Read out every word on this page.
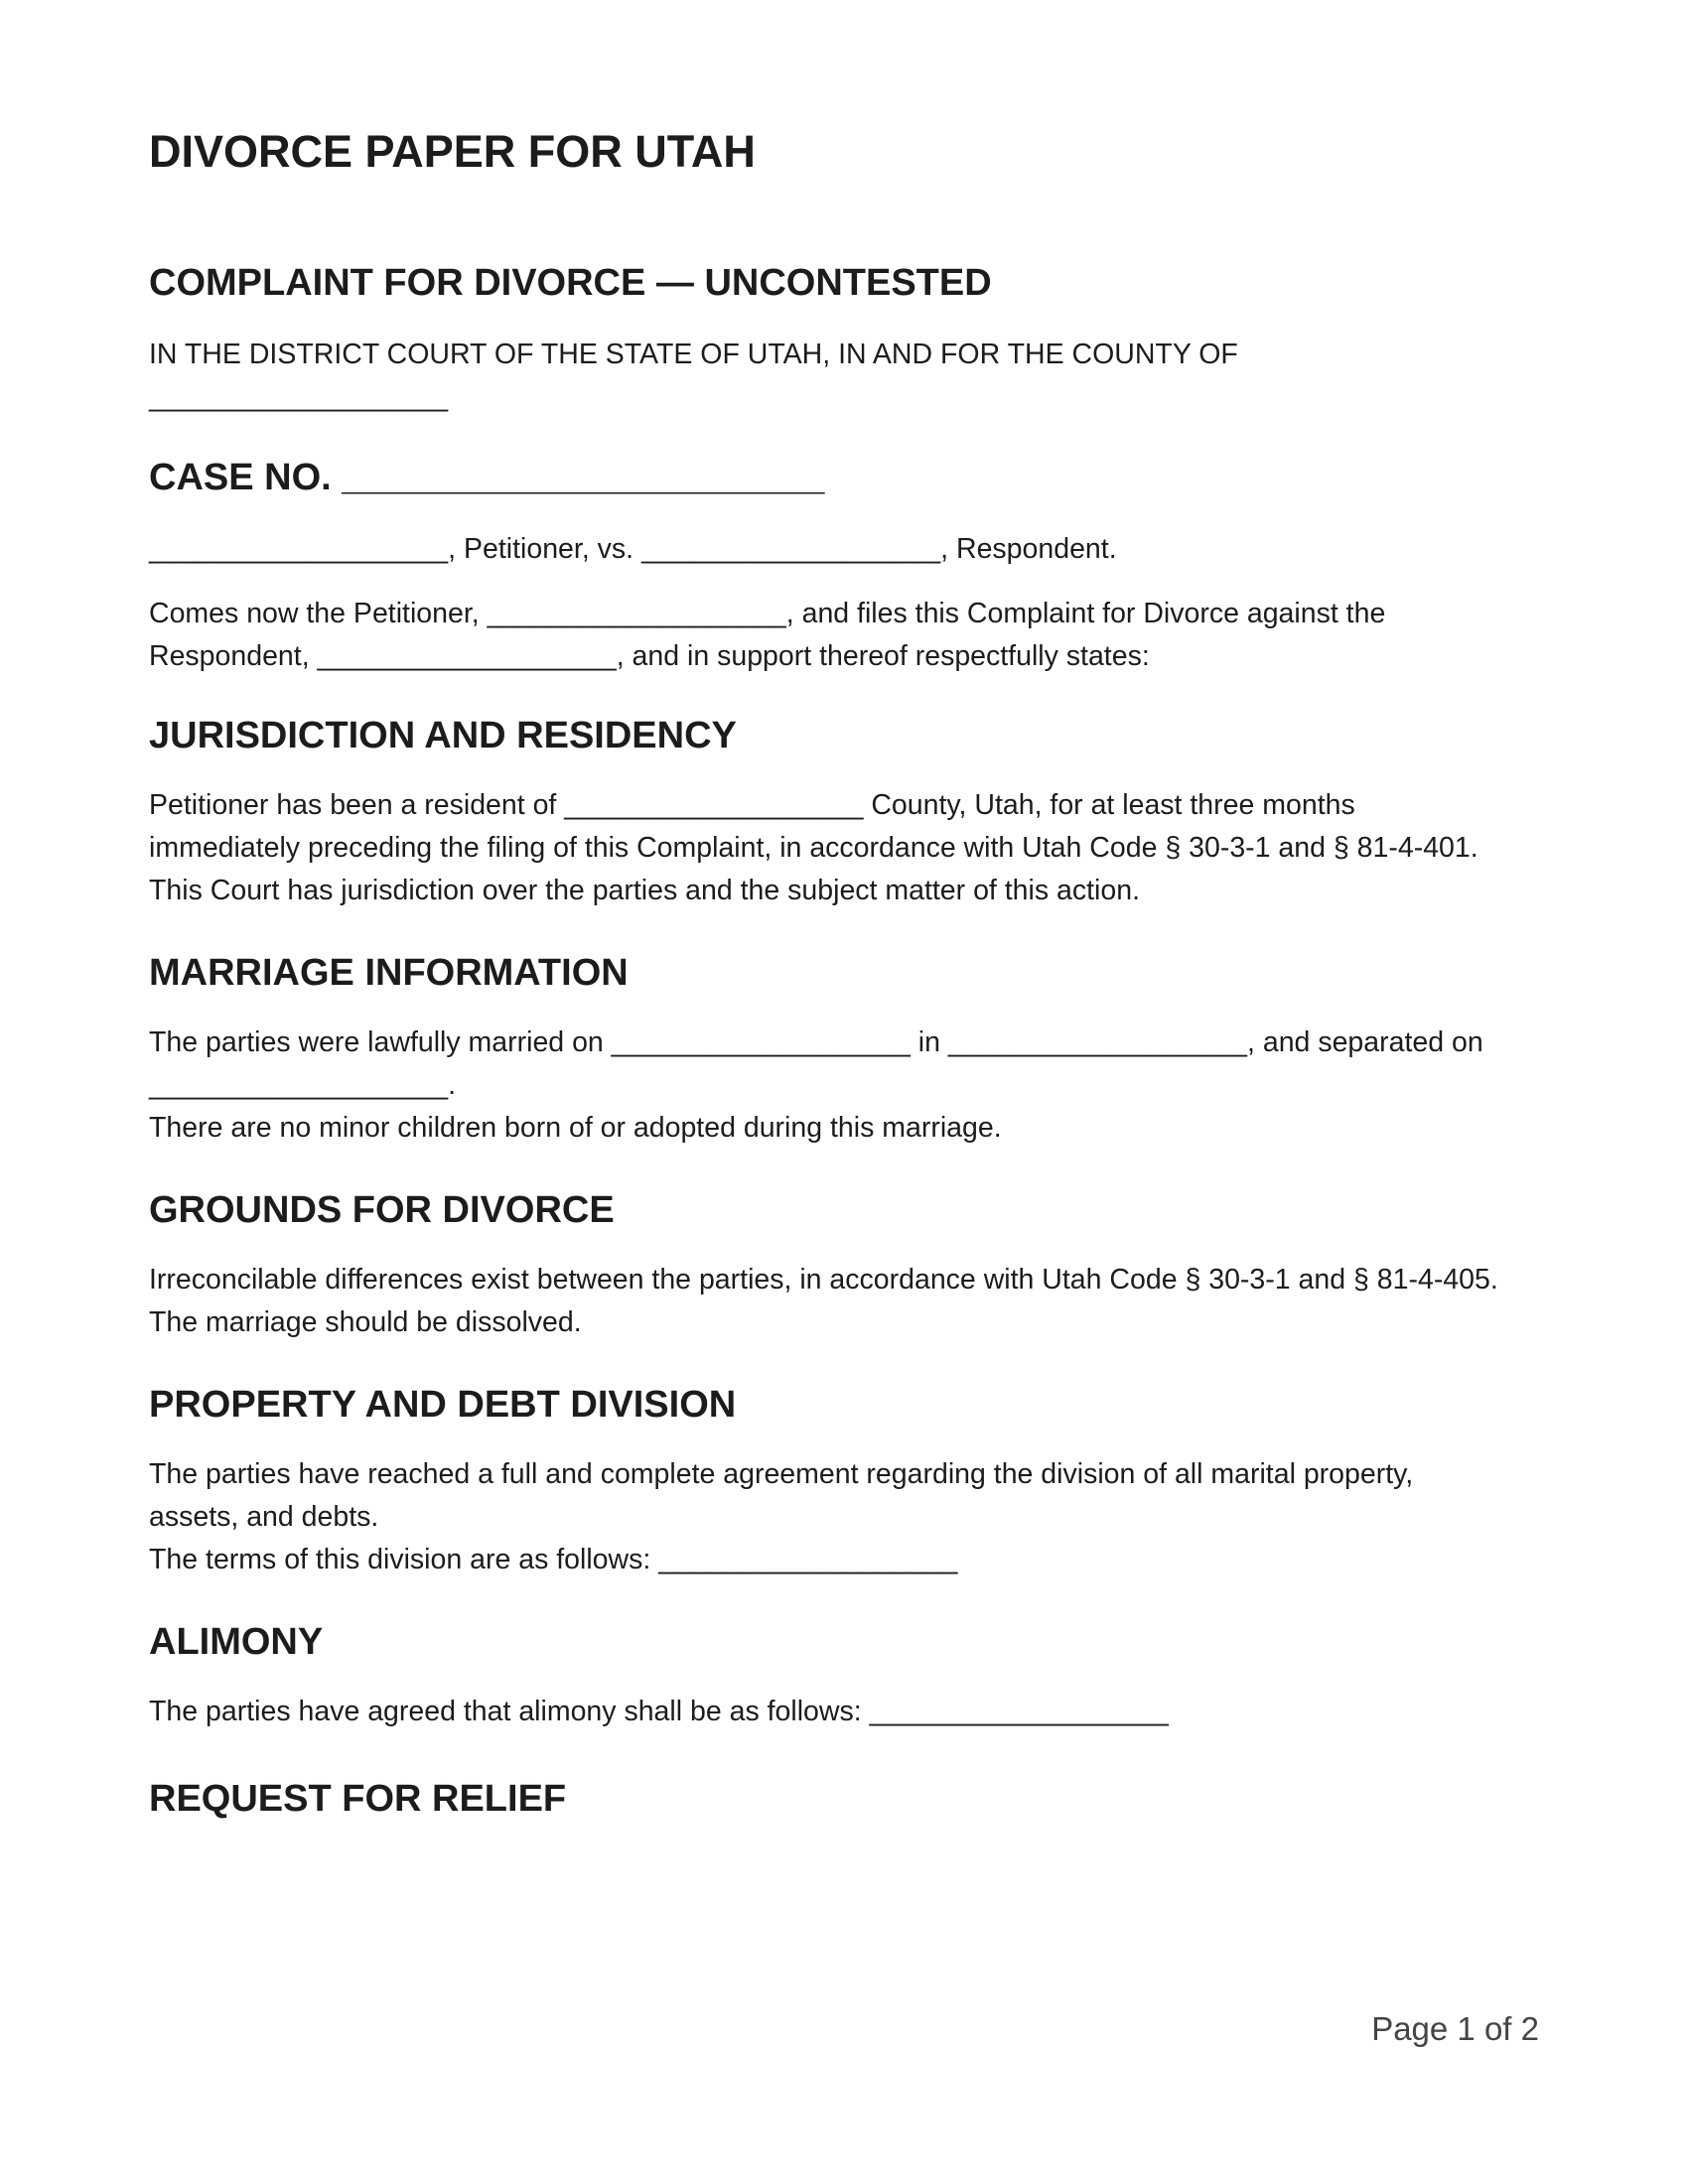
DIVORCE PAPER FOR UTAH
COMPLAINT FOR DIVORCE — UNCONTESTED
IN THE DISTRICT COURT OF THE STATE OF UTAH, IN AND FOR THE COUNTY OF
___________________
CASE NO. _______________________
___________________, Petitioner, vs. ___________________, Respondent.
Comes now the Petitioner, ___________________, and files this Complaint for Divorce against the
Respondent, ___________________, and in support thereof respectfully states:
JURISDICTION AND RESIDENCY
Petitioner has been a resident of ___________________ County, Utah, for at least three months
immediately preceding the filing of this Complaint, in accordance with Utah Code § 30-3-1 and § 81-4-401.
This Court has jurisdiction over the parties and the subject matter of this action.
MARRIAGE INFORMATION
The parties were lawfully married on ___________________ in ___________________, and separated on
___________________.
There are no minor children born of or adopted during this marriage.
GROUNDS FOR DIVORCE
Irreconcilable differences exist between the parties, in accordance with Utah Code § 30-3-1 and § 81-4-405.
The marriage should be dissolved.
PROPERTY AND DEBT DIVISION
The parties have reached a full and complete agreement regarding the division of all marital property,
assets, and debts.
The terms of this division are as follows: ___________________
ALIMONY
The parties have agreed that alimony shall be as follows: ___________________
REQUEST FOR RELIEF
Page 1 of 2
